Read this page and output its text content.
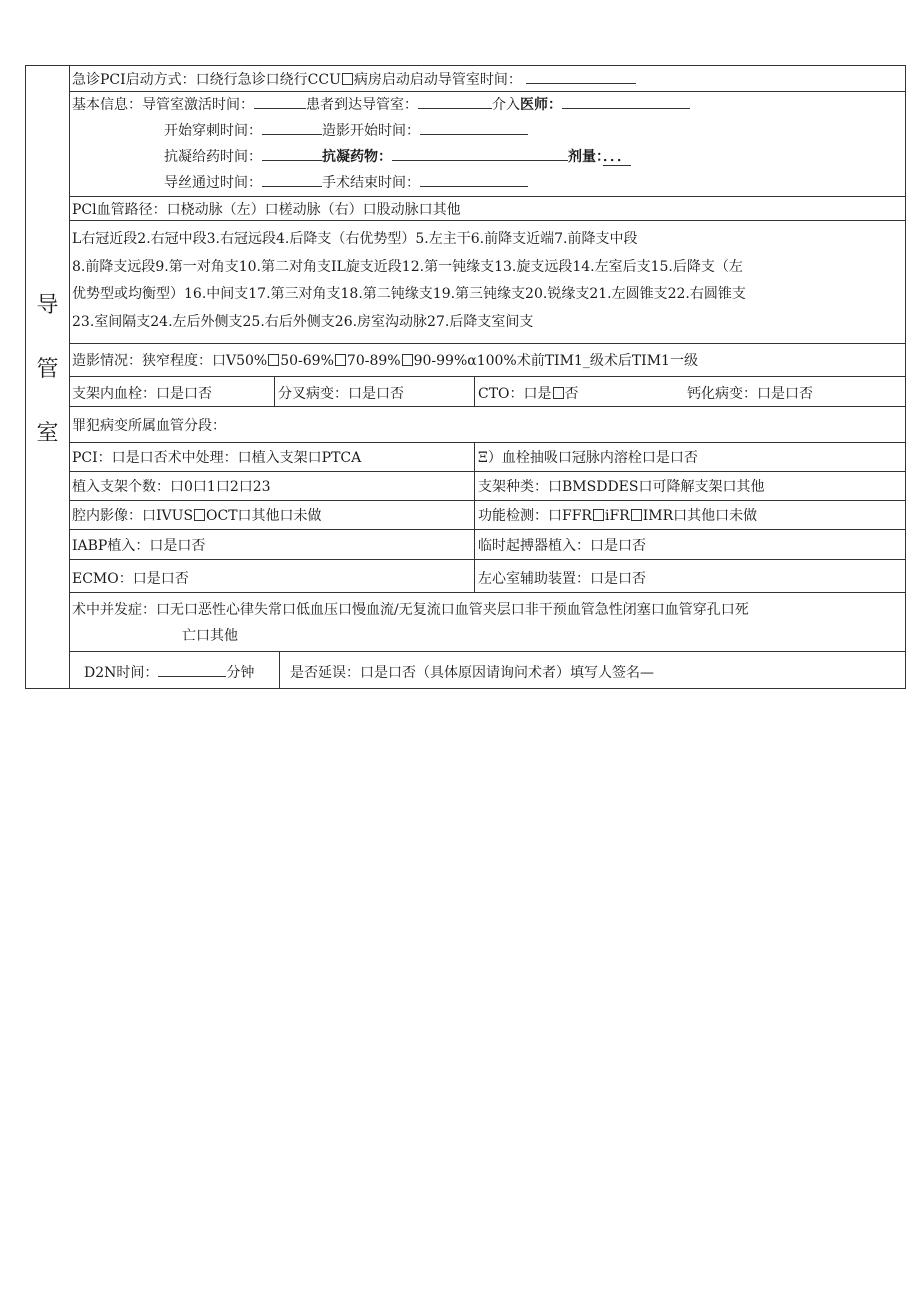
导
管
室
急诊PCI启动方式：口绕行急诊口绕行CCU 病房启动启动导管室时间：
基本信息：导管室激活时间：	患者到达导管室：	介入医师：
开始穿刺时间：	造影开始时间：
抗凝给药时间：	抗凝药物：	剂量：．．．
导丝通过时间：	手术结束时间：
PCl血管路径：口桡动脉（左）口槎动脉（右）口股动脉口其他
L右冠近段2.右冠中段3.右冠远段4.后降支（右优势型）5.左主干6.前降支近端7.前降支中段
8.前降支远段9.第一对角支10.第二对角支IL旋支近段12.第一钝缘支13.旋支远段14.左室后支15.后降支（左
优势型或均衡型）16.中间支17.第三对角支18.第二钝缘支19.第三钝缘支20.锐缘支21.左圆锥支22.右圆锥支
23.室间隔支24.左后外侧支25.右后外侧支26.房室沟动脉27.后降支室间支
造影情况：狭窄程度：口V50% 50-69% 70-89% 90-99%α100%术前TIM1_级术后TIM1一级
支架内血栓：口是口否	分叉病变：口是口否	CTO：口是 否	钙化病变：口是口否
罪犯病变所属血管分段：
PCI：口是口否术中处理：口植入支架口PTCA	Ξ）血栓抽吸口冠脉内溶栓口是口否
植入支架个数：口0口1口2口23	支架种类：口BMSDDES口可降解支架口其他
腔内影像：口IVUS OCT口其他口未做	功能检测：口FFR iFR IMR口其他口未做
IABP植入：口是口否	临时起搏器植入：口是口否
ECMO：口是口否	左心室辅助装置：口是口否
术中并发症：口无口恶性心律失常口低血压口慢血流/无复流口血管夹层口非干预血管急性闭塞口血管穿孔口死
亡口其他
D2N时间：	分钟	是否延误：口是口否（具体原因请询问术者）填写人签名—
